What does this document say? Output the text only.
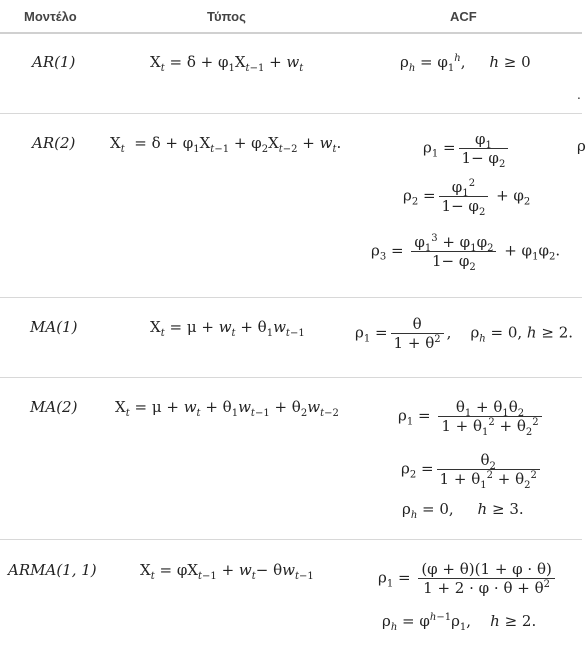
Μοντέλο	Τύπος	ACF
AR(1)	$X_t = \delta + \varphi_1X_{t-1} + w_t$	$\rho_h = \varphi_1^h$,     h ≥ 0
.
AR(2) $X_t = \delta + \varphi_1X_{t-1} + \varphi_2X_{t-2} + w_t$.	$\rho_1 = \frac{\varphi_1}{1- \varphi_2}$	ρ
$\rho_2 = \frac{\varphi_1^2}{1- \varphi_2} + \varphi_2$
$\rho_3 = \frac{\varphi_1^3 + \varphi_1\varphi_2}{1- \varphi_2} + \varphi_1\varphi_2$.
MA(1)	$X_t = \mu + w_t + \theta_1w_{t-1}$	$\rho_1 = \frac{\theta}{1 + \theta^2}$ ,    $\rho_h = 0$, h ≥ 2.
MA(2)	$X_t = \mu + w_t + \theta_1w_{t-1} + \theta_2w_{t-2}$	$\rho_1 = \frac{\theta_1 + \theta_1\theta_2}{1 + \theta_1^2 + \theta_2^2}$
$\rho_2 = \frac{\theta_2}{1 + \theta_1^2 + \theta_2^2}$
$\rho_h = 0$,     h ≥ 3.
ARMA(1, 1)	$X_t = \varphi X_{t-1} + w_t- \theta w_{t-1}$	$\rho_1 = \frac{(\varphi + \theta)(1 + \varphi \cdot \theta)}{1 + 2 \cdot \varphi \cdot \theta + \theta^2}$
$\rho_h = \varphi^{h-1}\rho_1$,    h ≥ 2.
